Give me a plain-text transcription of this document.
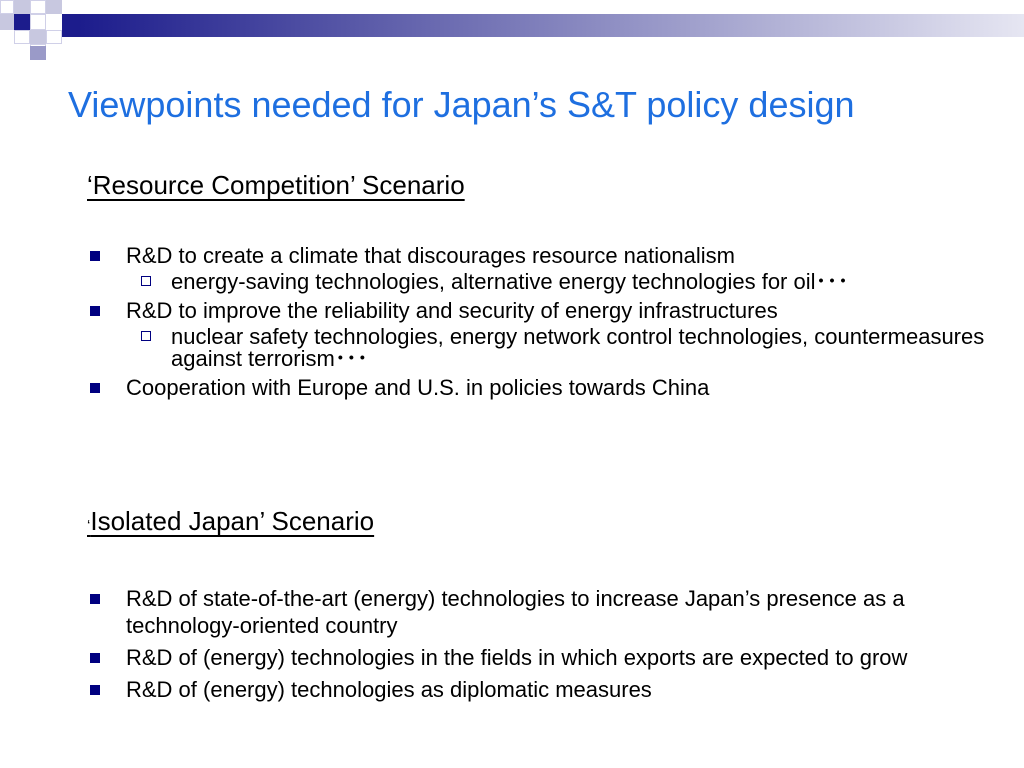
Viewpoints needed for Japan’s S&T policy design
‘Resource Competition’ Scenario
R&D to create a climate that discourages resource nationalism
energy-saving technologies, alternative energy technologies for oil･･･
R&D to improve the reliability and security of energy infrastructures
nuclear safety technologies, energy network control technologies, countermeasures against terrorism･･･
Cooperation with Europe and U.S. in policies towards China
‘Isolated Japan’ Scenario
R&D of state-of-the-art (energy) technologies to increase Japan’s presence as a technology-oriented country
R&D of (energy) technologies in the fields in which exports are expected to grow
R&D of (energy) technologies as diplomatic measures
